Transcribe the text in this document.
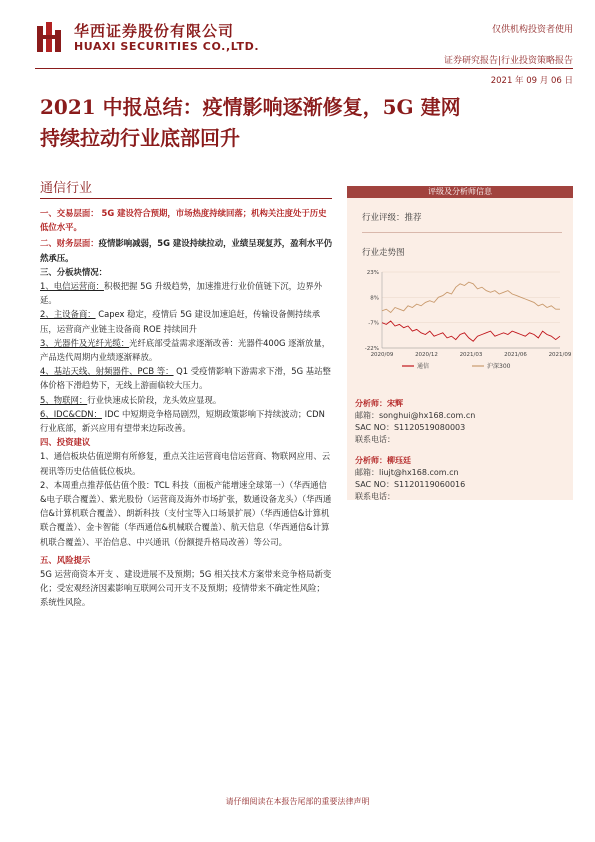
华西证券股份有限公司
HUAXI SECURITIES CO.,LTD.
仅供机构投资者使用
证券研究报告|行业投资策略报告
2021 年 09 月 06 日
2021 中报总结：疫情影响逐渐修复，5G 建网
持续拉动行业底部回升
通信行业

一、交易层面： 5G 建设符合预期，市场热度持续回落；机构关注度处于历史低位水平。

二、财务层面：疫情影响减弱，5G 建设持续拉动，业绩呈现复苏，盈利水平仍然承压。

三、分板块情况：

1、电信运营商：积极把握 5G 升级趋势，加速推进行业价值链下沉，边界外延。

2、主设备商： Capex 稳定，疫情后 5G 建设加速追赶，传输设备侧持续承压，运营商产业链主设备商 ROE 持续回升

3、光器件及光纤光缆：光纤底部受益需求逐渐改善：光器件400G 逐渐放量，产品迭代周期内业绩逐渐释放。

4、基站天线、射频器件、PCB 等： Q1 受疫情影响下游需求下滑，5G 基站整体价格下滑趋势下，无线上游面临较大压力。

5、物联网：行业快速成长阶段，龙头效应显现。

6、IDC&CDN： IDC 中短期竞争格局剧烈，短期政策影响下持续波动；CDN 行业底部，新兴应用有望带来边际改善。

四、投资建议

1、通信板块估值逆期有所修复，重点关注运营商电信运营商、物联网应用、云视讯等历史估值低位板块。

2、本周重点推荐低估值个股：TCL 科技（面板产能增速全球第一）（华西通信&电子联合覆盖）、紫光股份（运营商及海外市场扩张，数通设备龙头）（华西通信&计算机联合覆盖）、朗新科技（支付宝等入口场景扩展）（华西通信&计算机联合覆盖）、金卡智能（华西通信&机械联合覆盖）、航天信息（华西通信&计算机联合覆盖）、平治信息、中兴通讯（份额提升格局改善）等公司。

五、风险提示

5G 运营商资本开支 、建设进展不及预期；5G 相关技术方案带来竞争格局新变化；受宏观经济因素影响互联网公司开支不及预期；疫情带来不确定性风险；系统性风险。

评级及分析师信息
行业评级：推荐
行业走势图
23%
8%
-7%
-22%
2020/09	2020/12	2021/03	2021/06	2021/09
通信	沪深300
分析师：宋辉
邮箱：songhui@hx168.com.cn
SAC NO：S1120519080003
联系电话：
分析师：柳珏廷
邮箱：liujt@hx168.com.cn
SAC NO：S1120119060016
联系电话：
请仔细阅读在本报告尾部的重要法律声明
